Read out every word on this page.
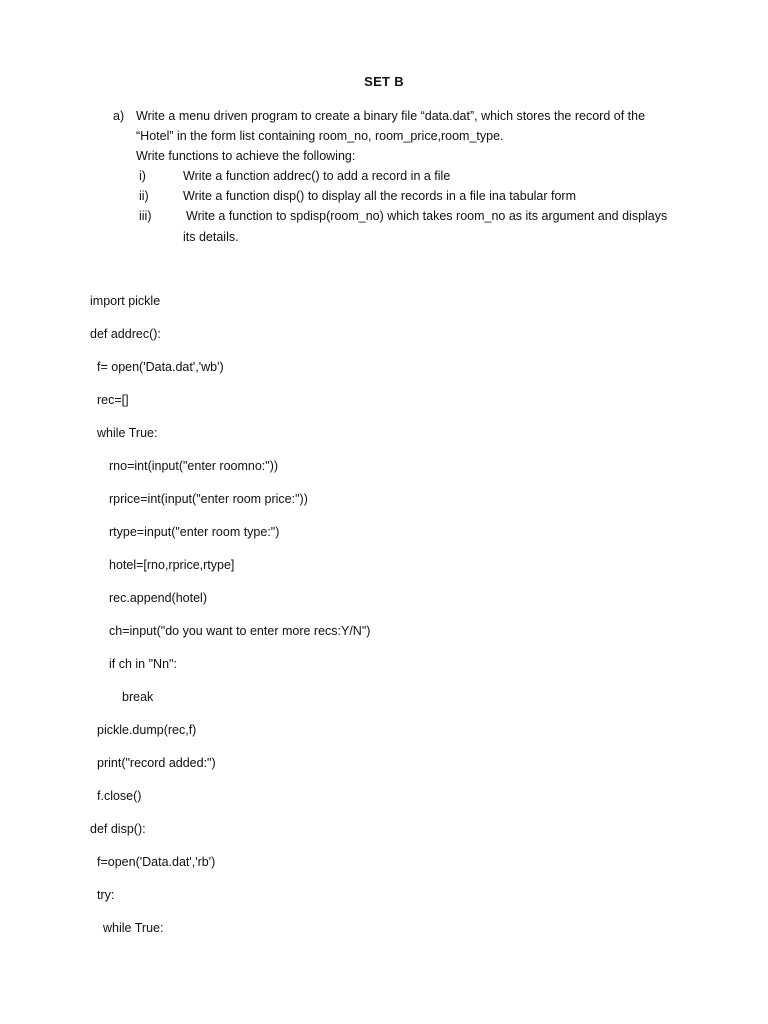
SET B
a) Write a menu driven program to create a binary file “data.dat”, which stores the record of the
“Hotel” in the form list containing room_no, room_price,room_type.
Write functions to achieve the following:
i)	Write a function addrec() to add a record in a file
ii)	Write a function disp() to display all the records in a file ina tabular form
iii)	Write a function to spdisp(room_no) which takes room_no as its argument and displays
its details.
import pickle
def addrec():
f= open('Data.dat','wb')
rec=[]
while True:
rno=int(input("enter roomno:"))
rprice=int(input("enter room price:"))
rtype=input("enter room type:")
hotel=[rno,rprice,rtype]
rec.append(hotel)
ch=input("do you want to enter more recs:Y/N")
if ch in "Nn":
break
pickle.dump(rec,f)
print("record added:")
f.close()
def disp():
f=open('Data.dat','rb')
try:
while True:
